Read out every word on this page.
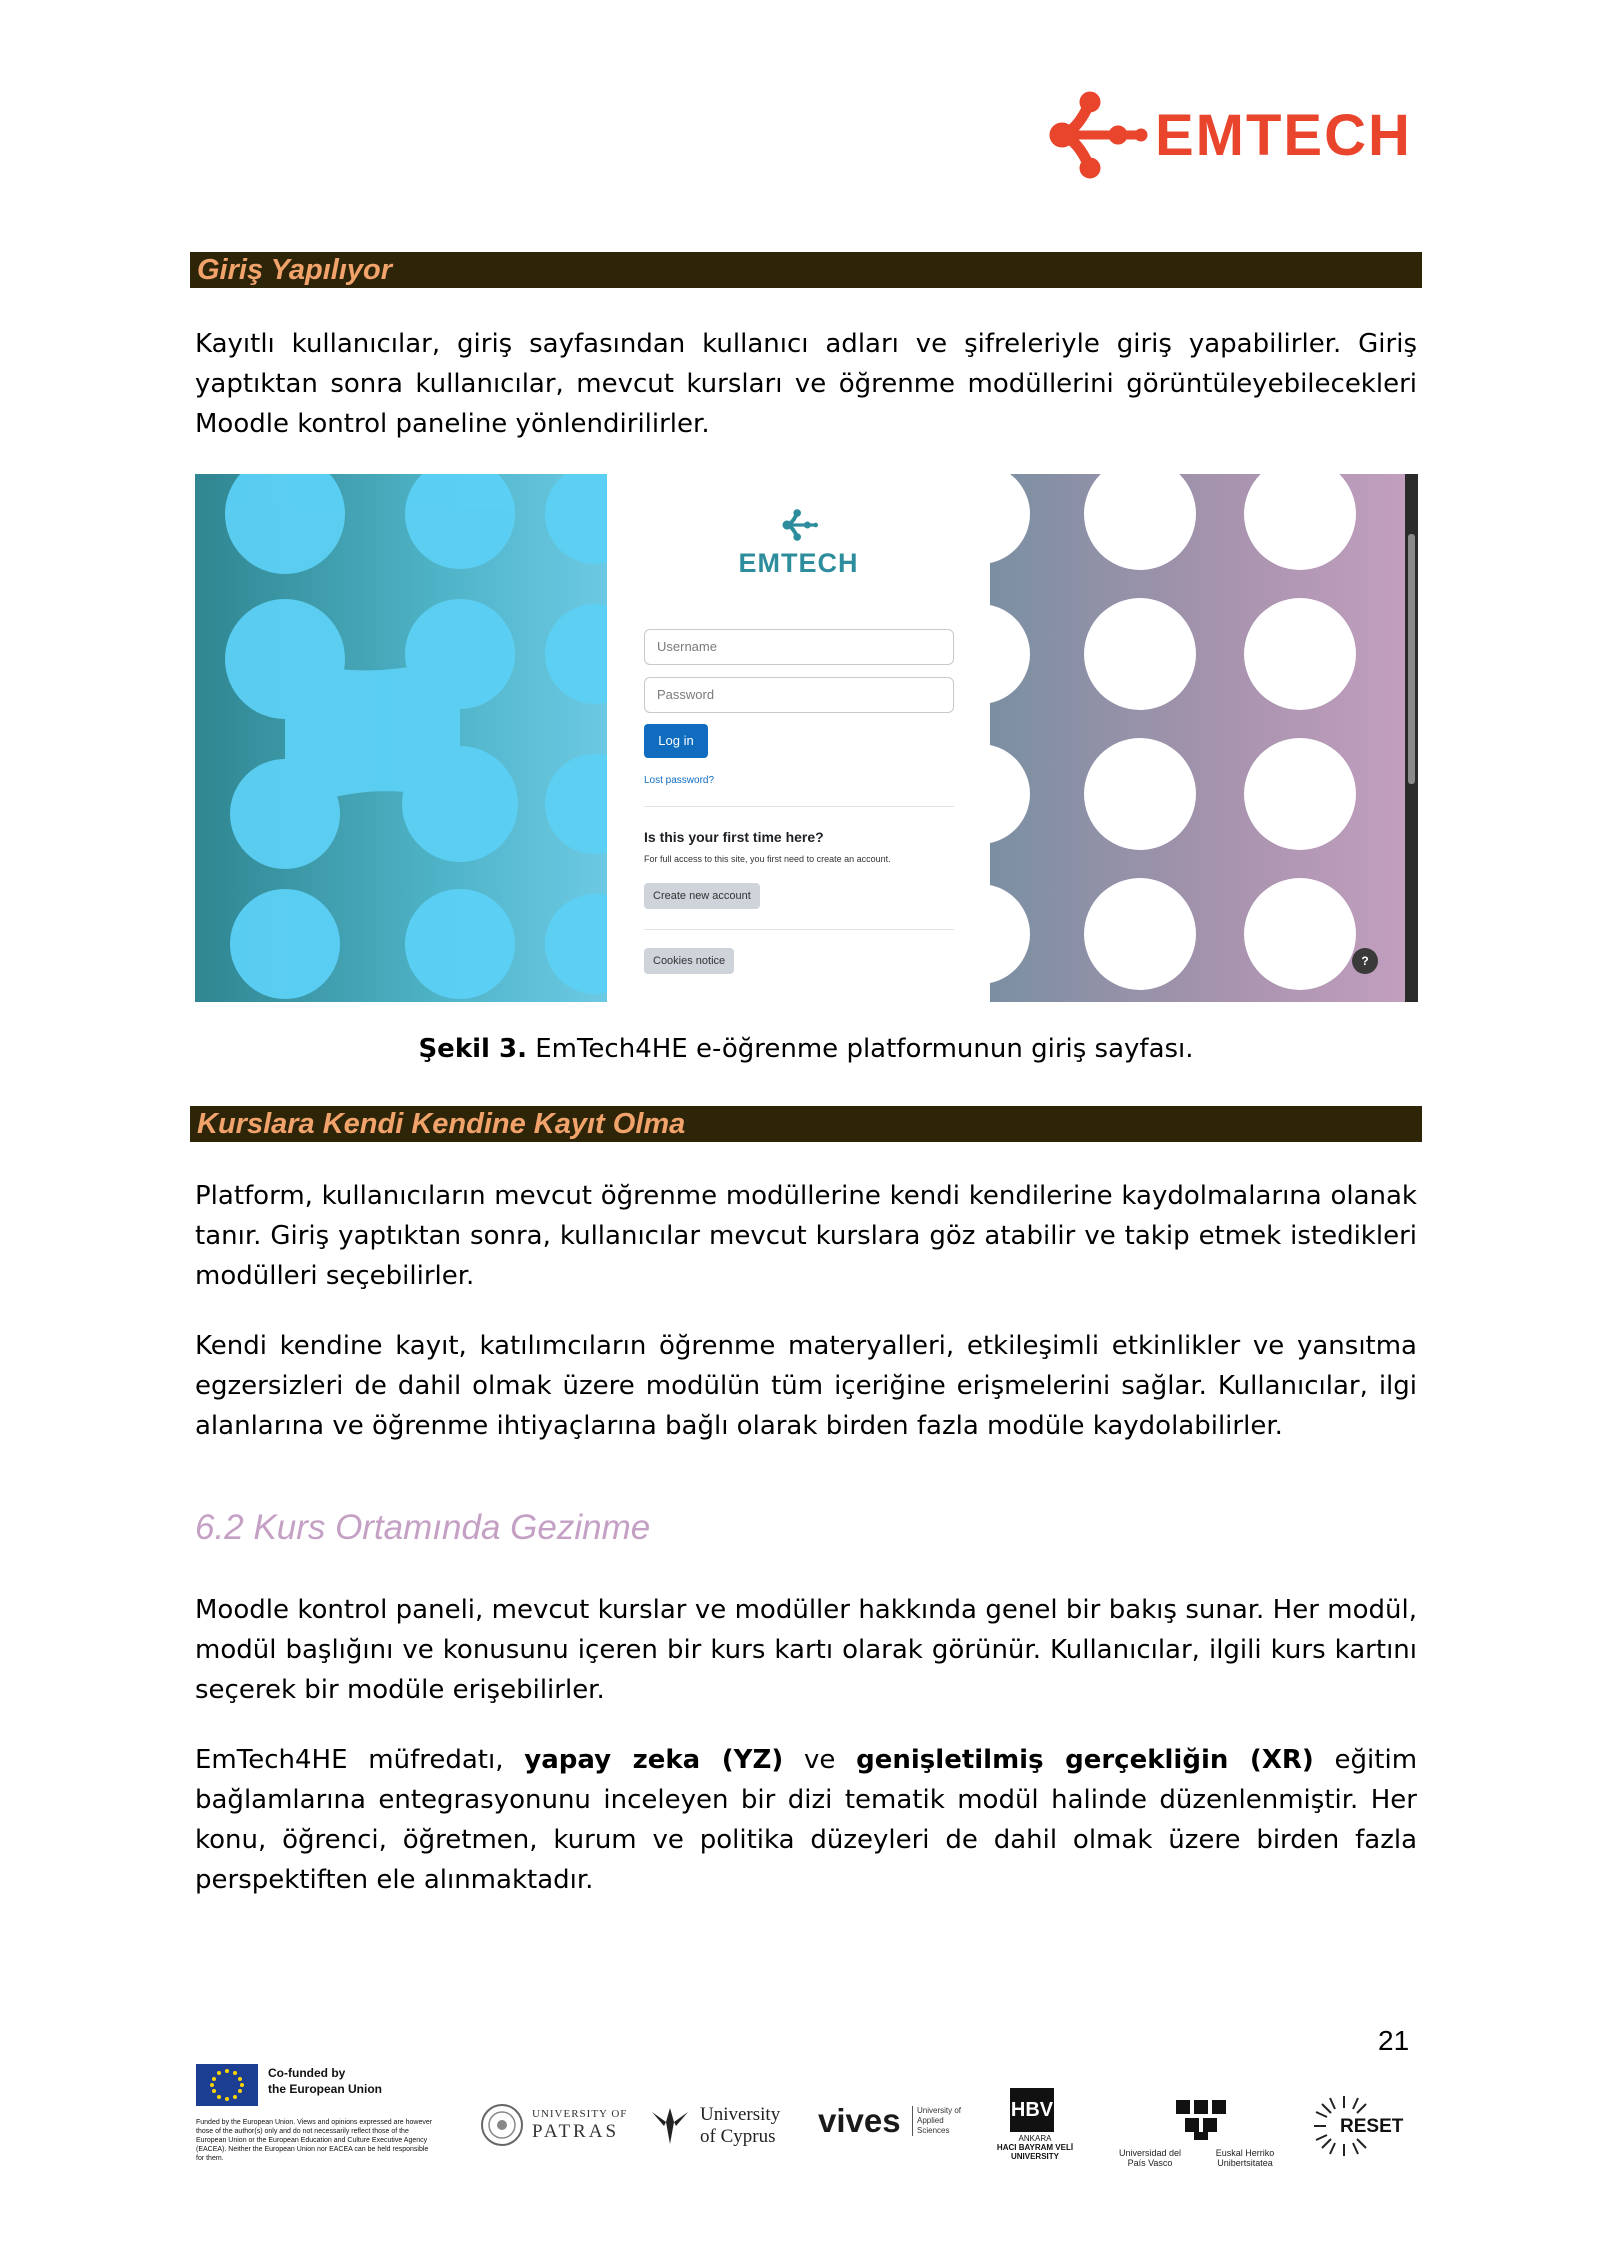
EMTECH
Giriş Yapılıyor
Kayıtlı kullanıcılar, giriş sayfasından kullanıcı adları ve şifreleriyle giriş yapabilirler. Giriş yaptıktan sonra kullanıcılar, mevcut kursları ve öğrenme modüllerini görüntüleyebilecekleri Moodle kontrol paneline yönlendirilirler.
EMTECH
Username
Password
Log in
Lost password?
Is this your first time here?
For full access to this site, you first need to create an account.
Create new account
Cookies notice	?
Şekil 3. EmTech4HE e-öğrenme platformunun giriş sayfası.
Kurslara Kendi Kendine Kayıt Olma
Platform, kullanıcıların mevcut öğrenme modüllerine kendi kendilerine kaydolmalarına olanak tanır. Giriş yaptıktan sonra, kullanıcılar mevcut kurslara göz atabilir ve takip etmek istedikleri modülleri seçebilirler.
Kendi kendine kayıt, katılımcıların öğrenme materyalleri, etkileşimli etkinlikler ve yansıtma egzersizleri de dahil olmak üzere modülün tüm içeriğine erişmelerini sağlar. Kullanıcılar, ilgi alanlarına ve öğrenme ihtiyaçlarına bağlı olarak birden fazla modüle kaydolabilirler.
6.2 Kurs Ortamında Gezinme
Moodle kontrol paneli, mevcut kurslar ve modüller hakkında genel bir bakış sunar. Her modül, modül başlığını ve konusunu içeren bir kurs kartı olarak görünür. Kullanıcılar, ilgili kurs kartını seçerek bir modüle erişebilirler.
EmTech4HE müfredatı, yapay zeka (YZ) ve genişletilmiş gerçekliğin (XR) eğitim bağlamlarına entegrasyonunu inceleyen bir dizi tematik modül halinde düzenlenmiştir. Her konu, öğrenci, öğretmen, kurum ve politika düzeyleri de dahil olmak üzere birden fazla perspektiften ele alınmaktadır.
21
Co-funded by
the European Union
Funded by the European Union. Views and opinions expressed are however those of the author(s) only and do not necessarily reflect those of the European Union or the European Education and Culture Executive Agency (EACEA). Neither the European Union nor EACEA can be held responsible for them.
UNIVERSITY OF
PATRAS
University
of Cyprus vives	University of Applied Sciences
HBV
ANKARA
HACI BAYRAM VELİ
UNIVERSITY	Universidad del País Vasco
Euskal Herriko Unibertsitatea
RESET
